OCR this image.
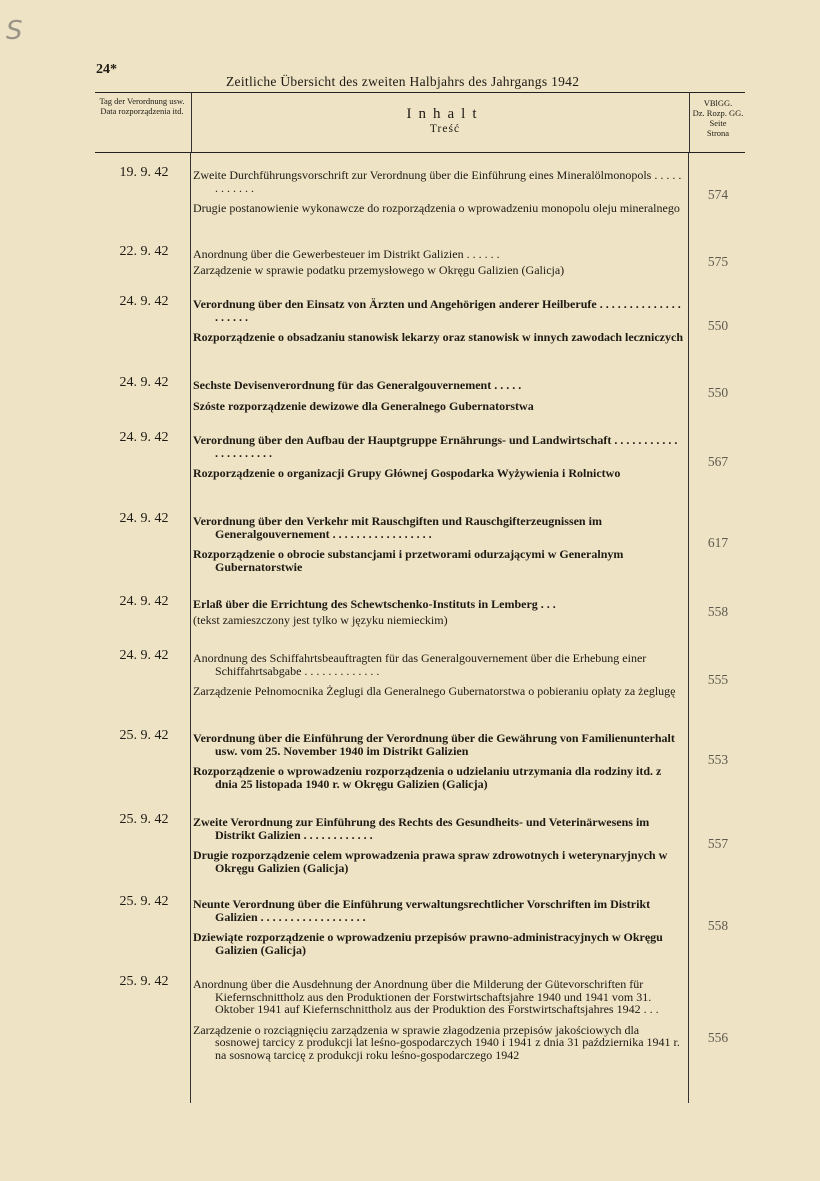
S
24*
Zeitliche Übersicht des zweiten Halbjahrs des Jahrgangs 1942
Tag der Verordnung usw.
Data rozporządzenia itd.	Inhalt
Treść
VBlGG.
Dz. Rozp. GG.
Seite
Strona
19. 9. 42	Zweite Durchführungsvorschrift zur Verordnung über die Einführung eines Mineralölmonopols . . . . . . . . . . . .
Drugie postanowienie wykonawcze do rozporządzenia o wprowadzeniu monopolu oleju mineralnego
574
22. 9. 42	Anordnung über die Gewerbesteuer im Distrikt Galizien . . . . . .
Zarządzenie w sprawie podatku przemysłowego w Okręgu Galizien (Galicja)
575
24. 9. 42	Verordnung über den Einsatz von Ärzten und Angehörigen anderer Heilberufe . . . . . . . . . . . . . . . . . . . .
Rozporządzenie o obsadzaniu stanowisk lekarzy oraz stanowisk w innych zawodach leczniczych
550
24. 9. 42	Sechste Devisenverordnung für das Generalgouvernement . . . . .
Szóste rozporządzenie dewizowe dla Generalnego Gubernatorstwa
550
24. 9. 42	Verordnung über den Aufbau der Hauptgruppe Ernährungs- und Landwirtschaft . . . . . . . . . . . . . . . . . . . . .
Rozporządzenie o organizacji Grupy Głównej Gospodarka Wyżywienia i Rolnictwo
567
24. 9. 42	Verordnung über den Verkehr mit Rauschgiften und Rauschgifterzeugnissen im Generalgouvernement . . . . . . . . . . . . . . . . .
Rozporządzenie o obrocie substancjami i przetworami odurzającymi w Generalnym Gubernatorstwie
617
24. 9. 42	Erlaß über die Errichtung des Schewtschenko-Instituts in Lemberg . . .
(tekst zamieszczony jest tylko w języku niemieckim)
558
24. 9. 42	Anordnung des Schiffahrtsbeauftragten für das Generalgouvernement über die Erhebung einer Schiffahrtsabgabe . . . . . . . . . . . . .
Zarządzenie Pełnomocnika Żeglugi dla Generalnego Gubernatorstwa o pobieraniu opłaty za żeglugę
555
25. 9. 42	Verordnung über die Einführung der Verordnung über die Gewährung von Familienunterhalt usw. vom 25. November 1940 im Distrikt Galizien
Rozporządzenie o wprowadzeniu rozporządzenia o udzielaniu utrzymania dla rodziny itd. z dnia 25 listopada 1940 r. w Okręgu Galizien (Galicja)
553
25. 9. 42	Zweite Verordnung zur Einführung des Rechts des Gesundheits- und Veterinärwesens im Distrikt Galizien . . . . . . . . . . . .
Drugie rozporządzenie celem wprowadzenia prawa spraw zdrowotnych i weterynaryjnych w Okręgu Galizien (Galicja)
557
25. 9. 42	Neunte Verordnung über die Einführung verwaltungsrechtlicher Vorschriften im Distrikt Galizien . . . . . . . . . . . . . . . . . .
Dziewiąte rozporządzenie o wprowadzeniu przepisów prawno-administracyjnych w Okręgu Galizien (Galicja)
558
25. 9. 42	Anordnung über die Ausdehnung der Anordnung über die Milderung der Gütevorschriften für Kiefernschnittholz aus den Produktionen der Forstwirtschaftsjahre 1940 und 1941 vom 31. Oktober 1941 auf Kiefernschnittholz aus der Produktion des Forstwirtschaftsjahres 1942 . . .
Zarządzenie o rozciągnięciu zarządzenia w sprawie złagodzenia przepisów jakościowych dla sosnowej tarcicy z produkcji lat leśno-gospodarczych 1940 i 1941 z dnia 31 października 1941 r. na sosnową tarcicę z produkcji roku leśno-gospodarczego 1942
556
